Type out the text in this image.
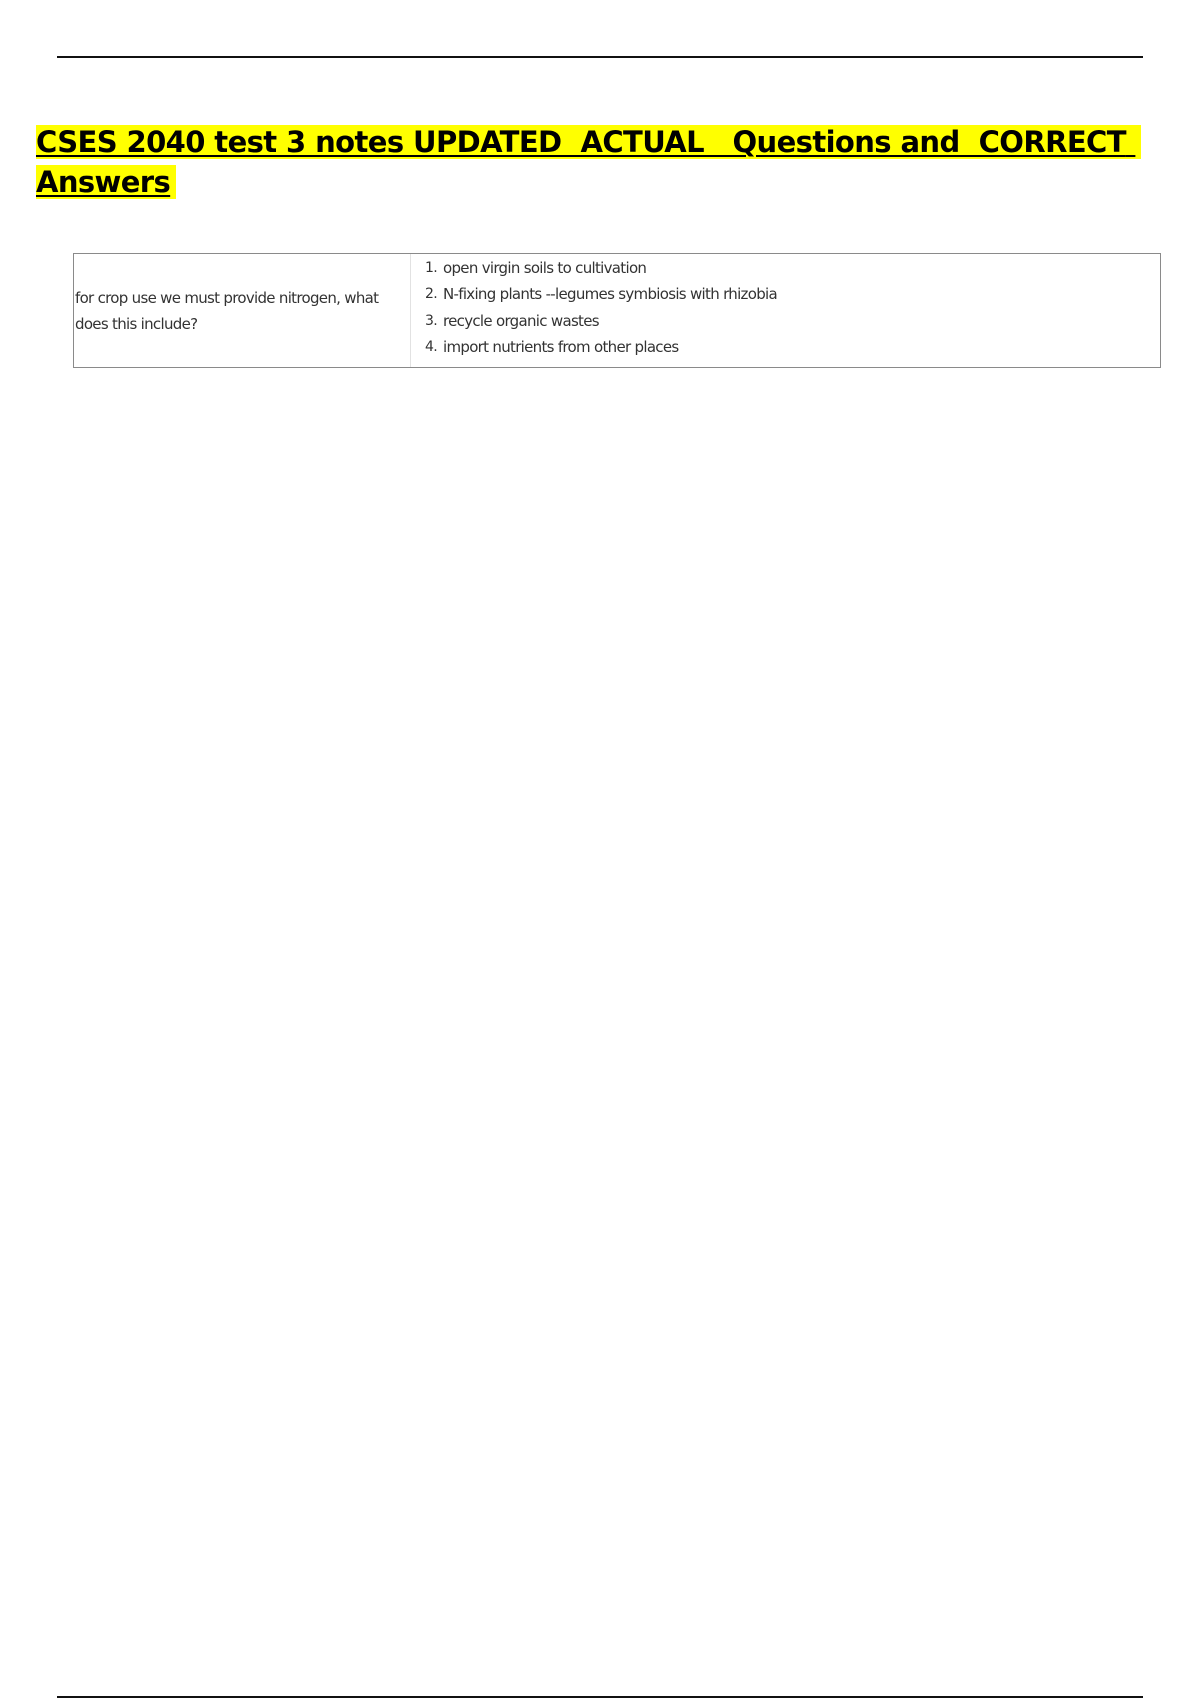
CSES 2040 test 3 notes UPDATED  ACTUAL   Questions and  CORRECT Answers
for crop use we must provide nitrogen, what does this include?
1. open virgin soils to cultivation
2. N-fixing plants --legumes symbiosis with rhizobia
3. recycle organic wastes
4. import nutrients from other places
